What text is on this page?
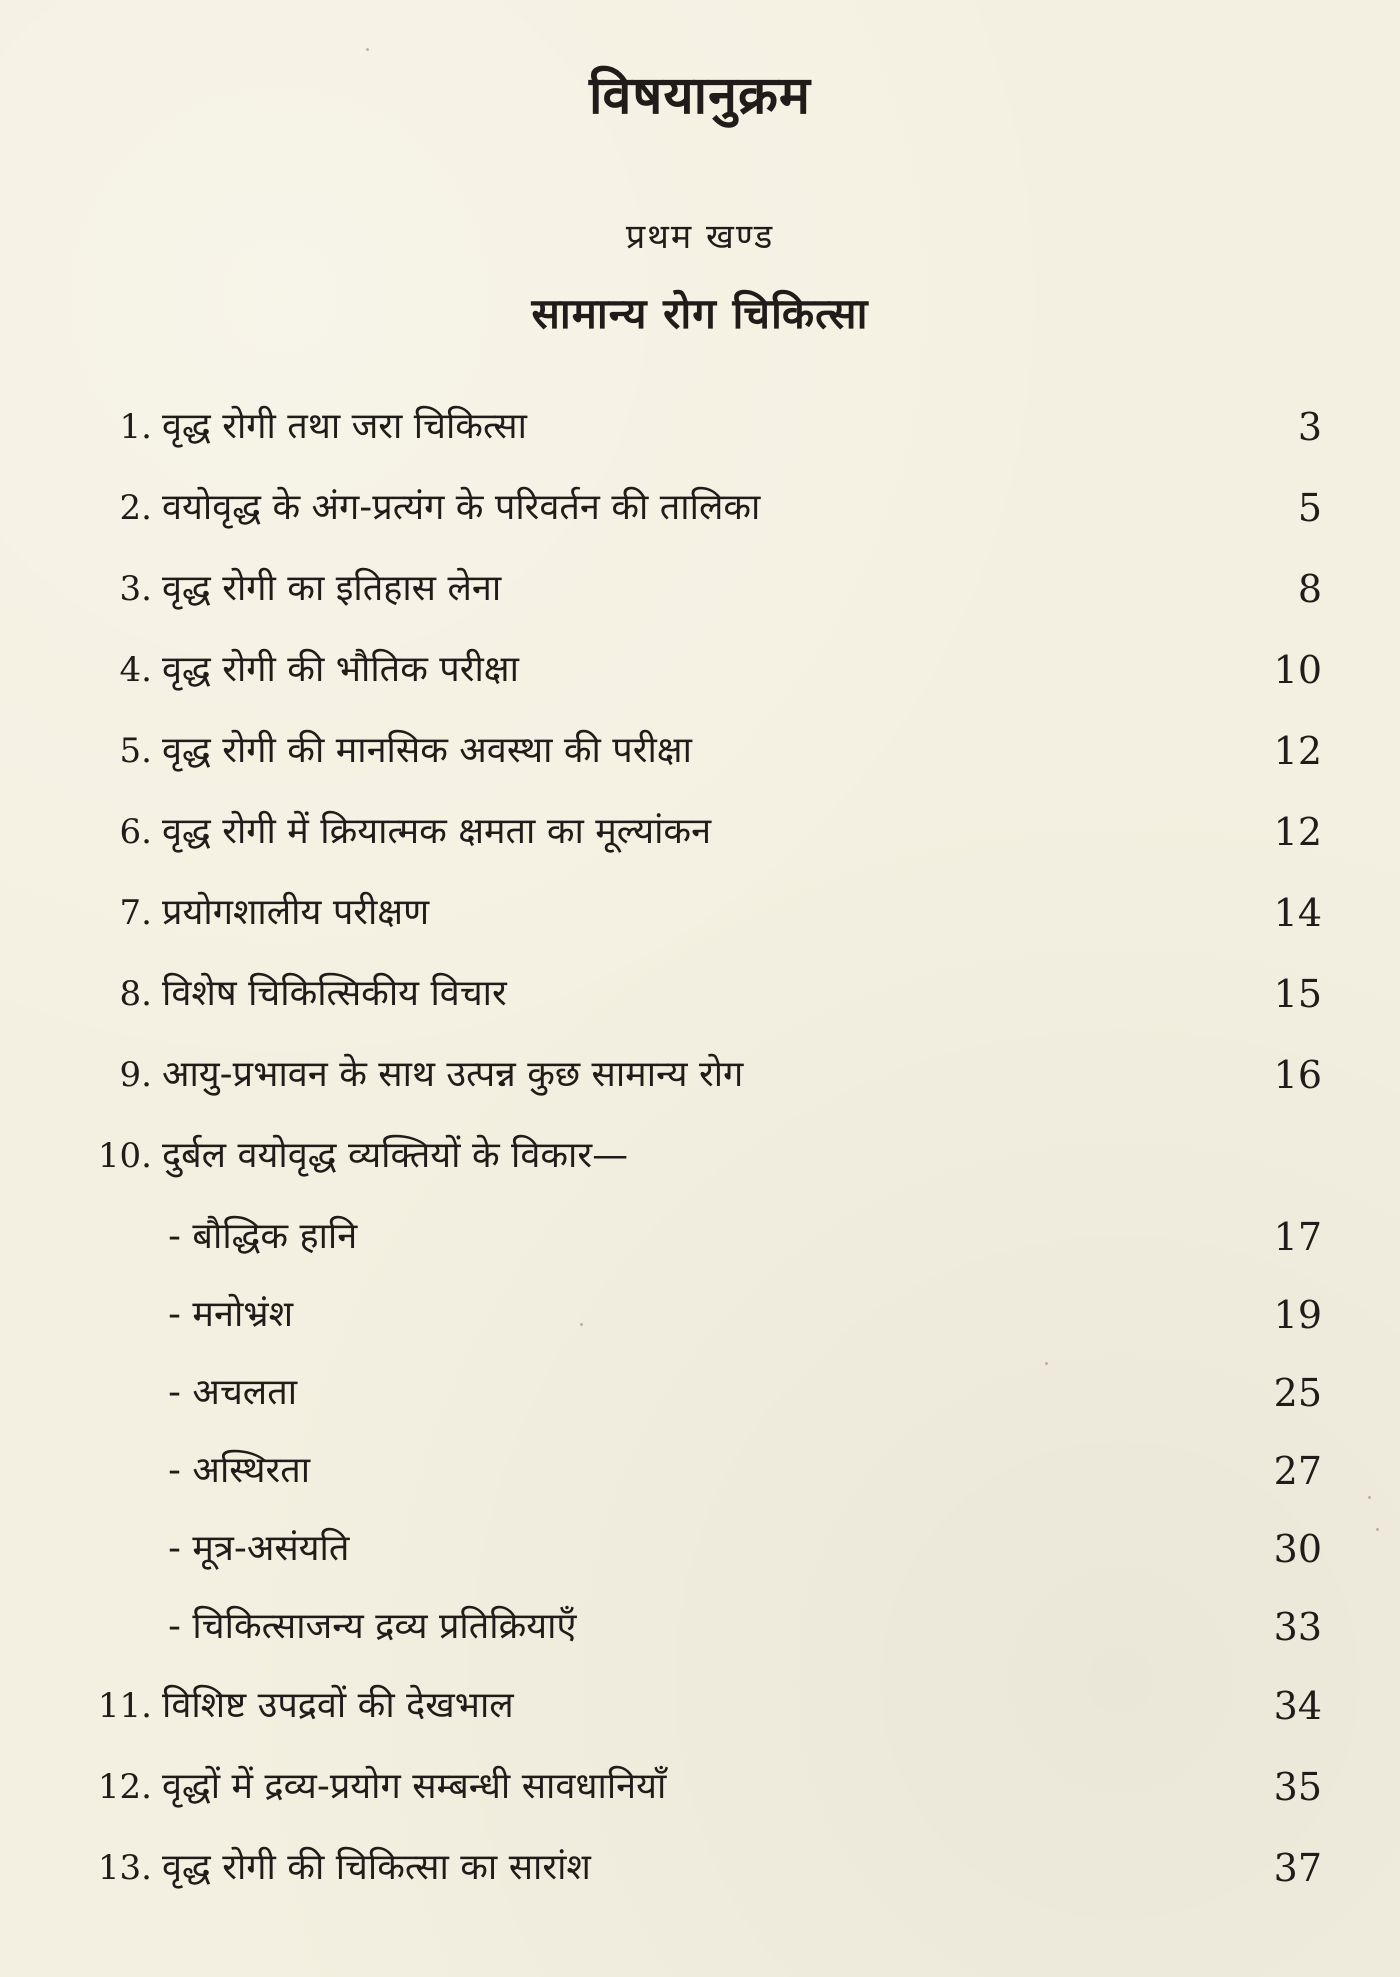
विषयानुक्रम
प्रथम खण्ड
सामान्य रोग चिकित्सा
1. वृद्ध रोगी तथा जरा चिकित्सा	3
2. वयोवृद्ध के अंग-प्रत्यंग के परिवर्तन की तालिका	5
3. वृद्ध रोगी का इतिहास लेना	8
4. वृद्ध रोगी की भौतिक परीक्षा	10
5. वृद्ध रोगी की मानसिक अवस्था की परीक्षा	12
6. वृद्ध रोगी में क्रियात्मक क्षमता का मूल्यांकन	12
7. प्रयोगशालीय परीक्षण	14
8. विशेष चिकित्सिकीय विचार	15
9. आयु-प्रभावन के साथ उत्पन्न कुछ सामान्य रोग	16
10. दुर्बल वयोवृद्ध व्यक्तियों के विकार—
- बौद्धिक हानि	17
- मनोभ्रंश	19
- अचलता	25
- अस्थिरता	27
- मूत्र-असंयति	30
- चिकित्साजन्य द्रव्य प्रतिक्रियाएँ	33
11. विशिष्ट उपद्रवों की देखभाल	34
12. वृद्धों में द्रव्य-प्रयोग सम्बन्धी सावधानियाँ	35
13. वृद्ध रोगी की चिकित्सा का सारांश	37
